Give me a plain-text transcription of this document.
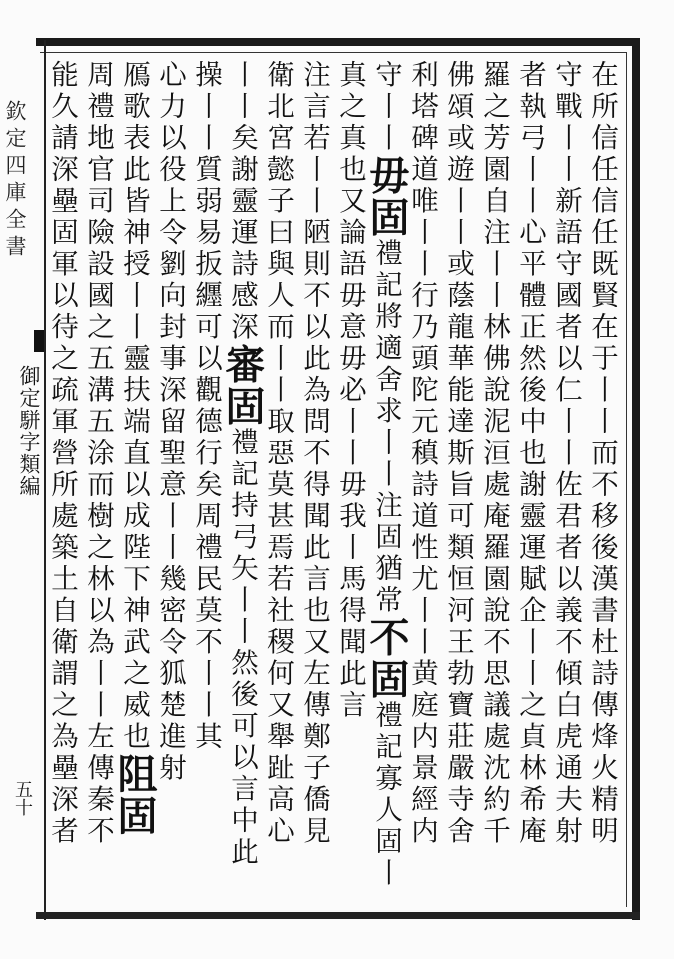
欽定四庫全書
御定駢字類編
五十	在所信任信任既賢在于丨丨而不移後漢書杜詩傳烽火精明
守戰丨丨新語守國者以仁丨丨佐君者以義不傾白虎通夫射
者執弓丨丨心平體正然後中也謝靈運賦企丨丨之貞林希庵
羅之芳園自注丨丨林佛說泥洹處庵羅園說不思議處沈約千
佛頌或遊丨丨或蔭龍華能達斯旨可類恒河王勃寶莊嚴寺舍
利塔碑道唯丨丨行乃頭陀元稹詩道性尤丨丨黄庭内景經内
守丨丨毋固禮記將適舍求丨丨注固猶常不固禮記寡人固丨
真之真也又論語毋意毋必丨丨毋我丨馬得聞此言
注言若丨丨陋則不以此為問不得聞此言也又左傳鄭子僑見
衛北宮懿子曰與人而丨丨取惡莫甚焉若社稷何又舉趾高心
丨丨矣謝靈運詩感深審固禮記持弓矢丨丨然後可以言中此
操丨丨質弱易扳纒可以觀德行矣周禮民莫不丨丨其
心力以役上令劉向封事深留聖意丨丨幾密令狐楚進射
鴈歌表此皆神授丨丨靈扶端直以成陛下神武之威也阻固
周禮地官司險設國之五溝五涂而樹之林以為丨丨左傳秦不
能久請深壘固軍以待之疏軍營所處築土自衛謂之為壘深者
